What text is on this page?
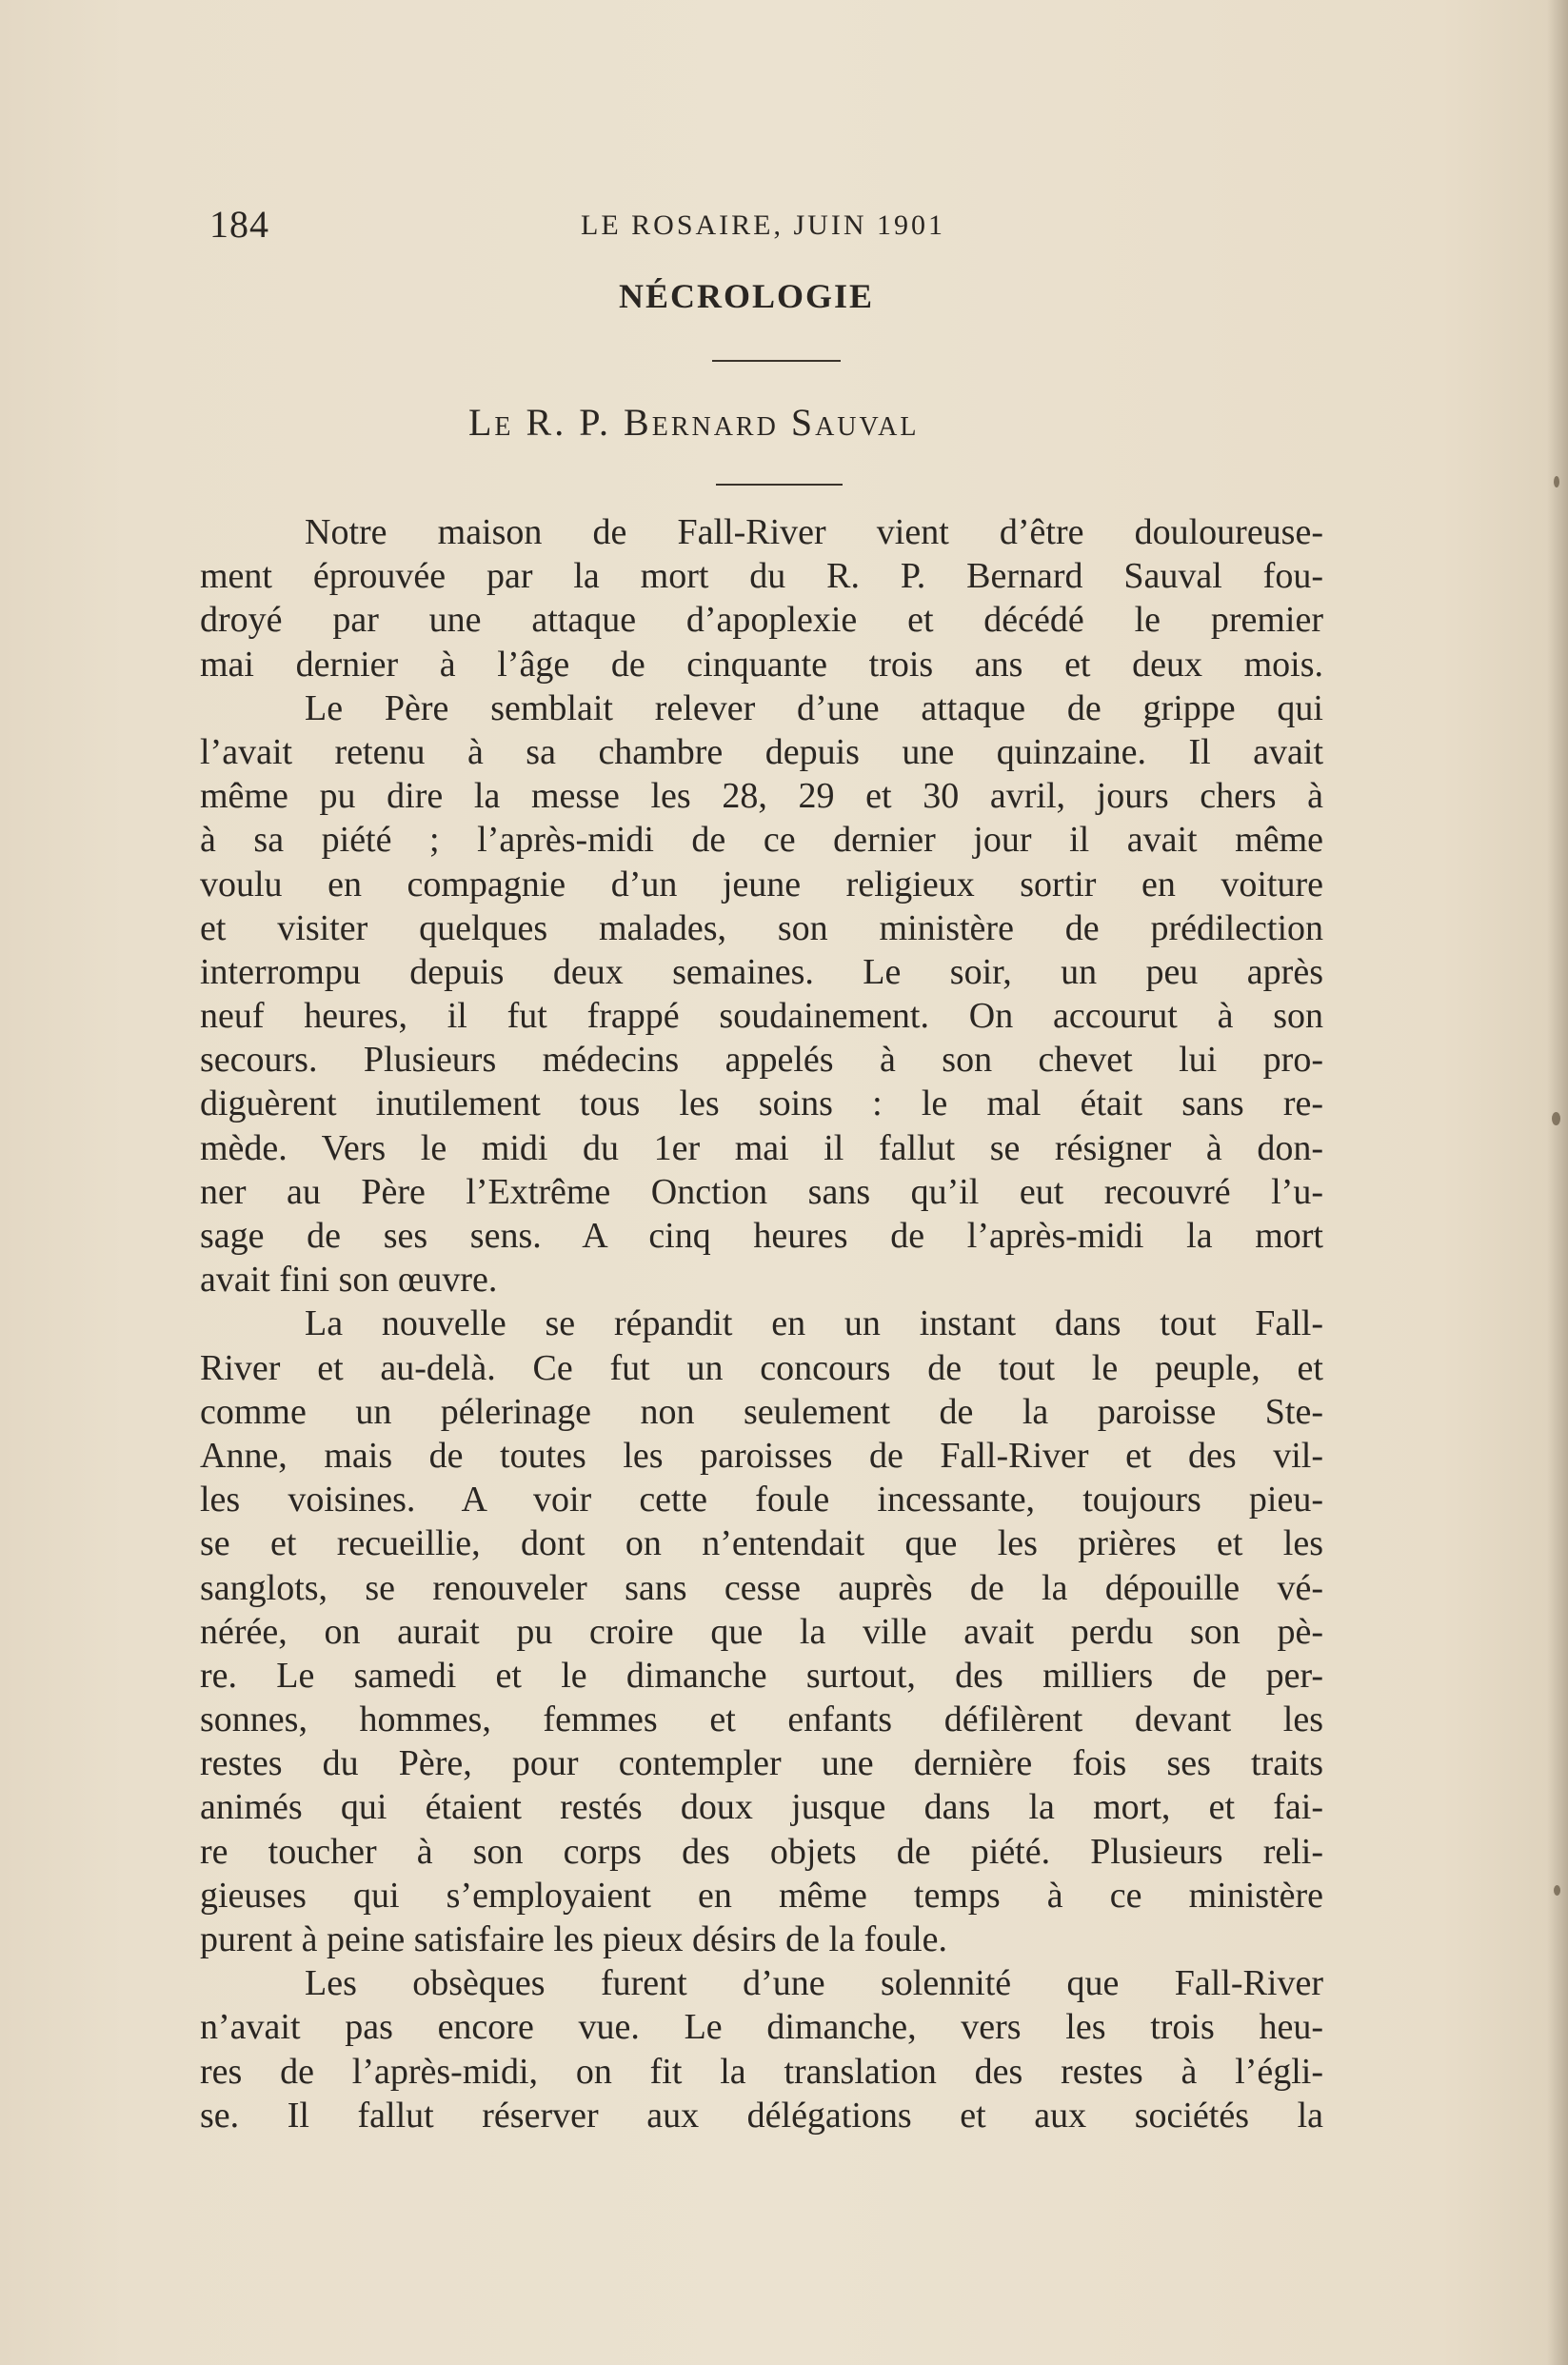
184	LE ROSAIRE, JUIN 1901
NÉCROLOGIE
Le R. P. Bernard Sauval
Notre maison de Fall-River vient d’être douloureuse-
ment éprouvée par la mort du R. P. Bernard Sauval fou-
droyé par une attaque d’apoplexie et décédé le premier
mai dernier à l’âge de cinquante trois ans et deux mois.
Le Père semblait relever d’une attaque de grippe qui
l’avait retenu à sa chambre depuis une quinzaine. Il avait
même pu dire la messe les 28, 29 et 30 avril, jours chers à
à sa piété ; l’après-midi de ce dernier jour il avait même
voulu en compagnie d’un jeune religieux sortir en voiture
et visiter quelques malades, son ministère de prédilection
interrompu depuis deux semaines. Le soir, un peu après
neuf heures, il fut frappé soudainement. On accourut à son
secours. Plusieurs médecins appelés à son chevet lui pro-
diguèrent inutilement tous les soins : le mal était sans re-
mède. Vers le midi du 1er mai il fallut se résigner à don-
ner au Père l’Extrême Onction sans qu’il eut recouvré l’u-
sage de ses sens. A cinq heures de l’après-midi la mort
avait fini son œuvre.
La nouvelle se répandit en un instant dans tout Fall-
River et au-delà. Ce fut un concours de tout le peuple, et
comme un pélerinage non seulement de la paroisse Ste-
Anne, mais de toutes les paroisses de Fall-River et des vil-
les voisines. A voir cette foule incessante, toujours pieu-
se et recueillie, dont on n’entendait que les prières et les
sanglots, se renouveler sans cesse auprès de la dépouille vé-
nérée, on aurait pu croire que la ville avait perdu son pè-
re. Le samedi et le dimanche surtout, des milliers de per-
sonnes, hommes, femmes et enfants défilèrent devant les
restes du Père, pour contempler une dernière fois ses traits
animés qui étaient restés doux jusque dans la mort, et fai-
re toucher à son corps des objets de piété. Plusieurs reli-
gieuses qui s’employaient en même temps à ce ministère
purent à peine satisfaire les pieux désirs de la foule.
Les obsèques furent d’une solennité que Fall-River
n’avait pas encore vue. Le dimanche, vers les trois heu-
res de l’après-midi, on fit la translation des restes à l’égli-
se. Il fallut réserver aux délégations et aux sociétés la
